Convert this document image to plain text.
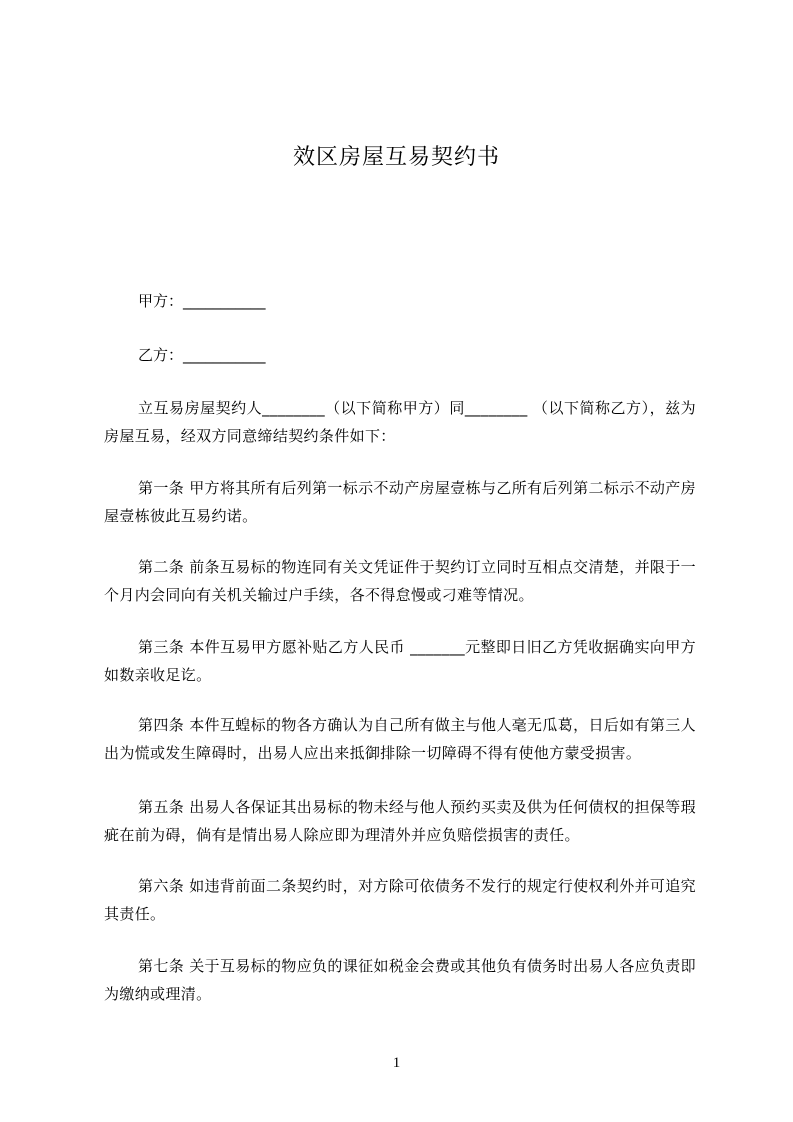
效区房屋互易契约书
甲方：___________
乙方：___________
立互易房屋契约人________（以下简称甲方）同________ （以下简称乙方），兹为房屋互易，经双方同意缔结契约条件如下：
第一条 甲方将其所有后列第一标示不动产房屋壹栋与乙所有后列第二标示不动产房屋壹栋彼此互易约诺。
第二条 前条互易标的物连同有关文凭证件于契约订立同时互相点交清楚，并限于一个月内会同向有关机关输过户手续，各不得怠慢或刁难等情况。
第三条 本件互易甲方愿补贴乙方人民币 _______元整即日旧乙方凭收据确实向甲方 如数亲收足讫。
第四条 本件互蝗标的物各方确认为自己所有做主与他人毫无瓜葛，日后如有第三人出为慌或发生障碍时，出易人应出来抵御排除一切障碍不得有使他方蒙受损害。
第五条 出易人各保证其出易标的物未经与他人预约买卖及供为任何债权的担保等瑕疵在前为碍，倘有是情出易人除应即为理清外并应负赔偿损害的责任。
第六条 如违背前面二条契约时，对方除可依债务不发行的规定行使权利外并可追究其责任。
第七条 关于互易标的物应负的课征如税金会费或其他负有债务时出易人各应负责即为缴纳或理清。
1
